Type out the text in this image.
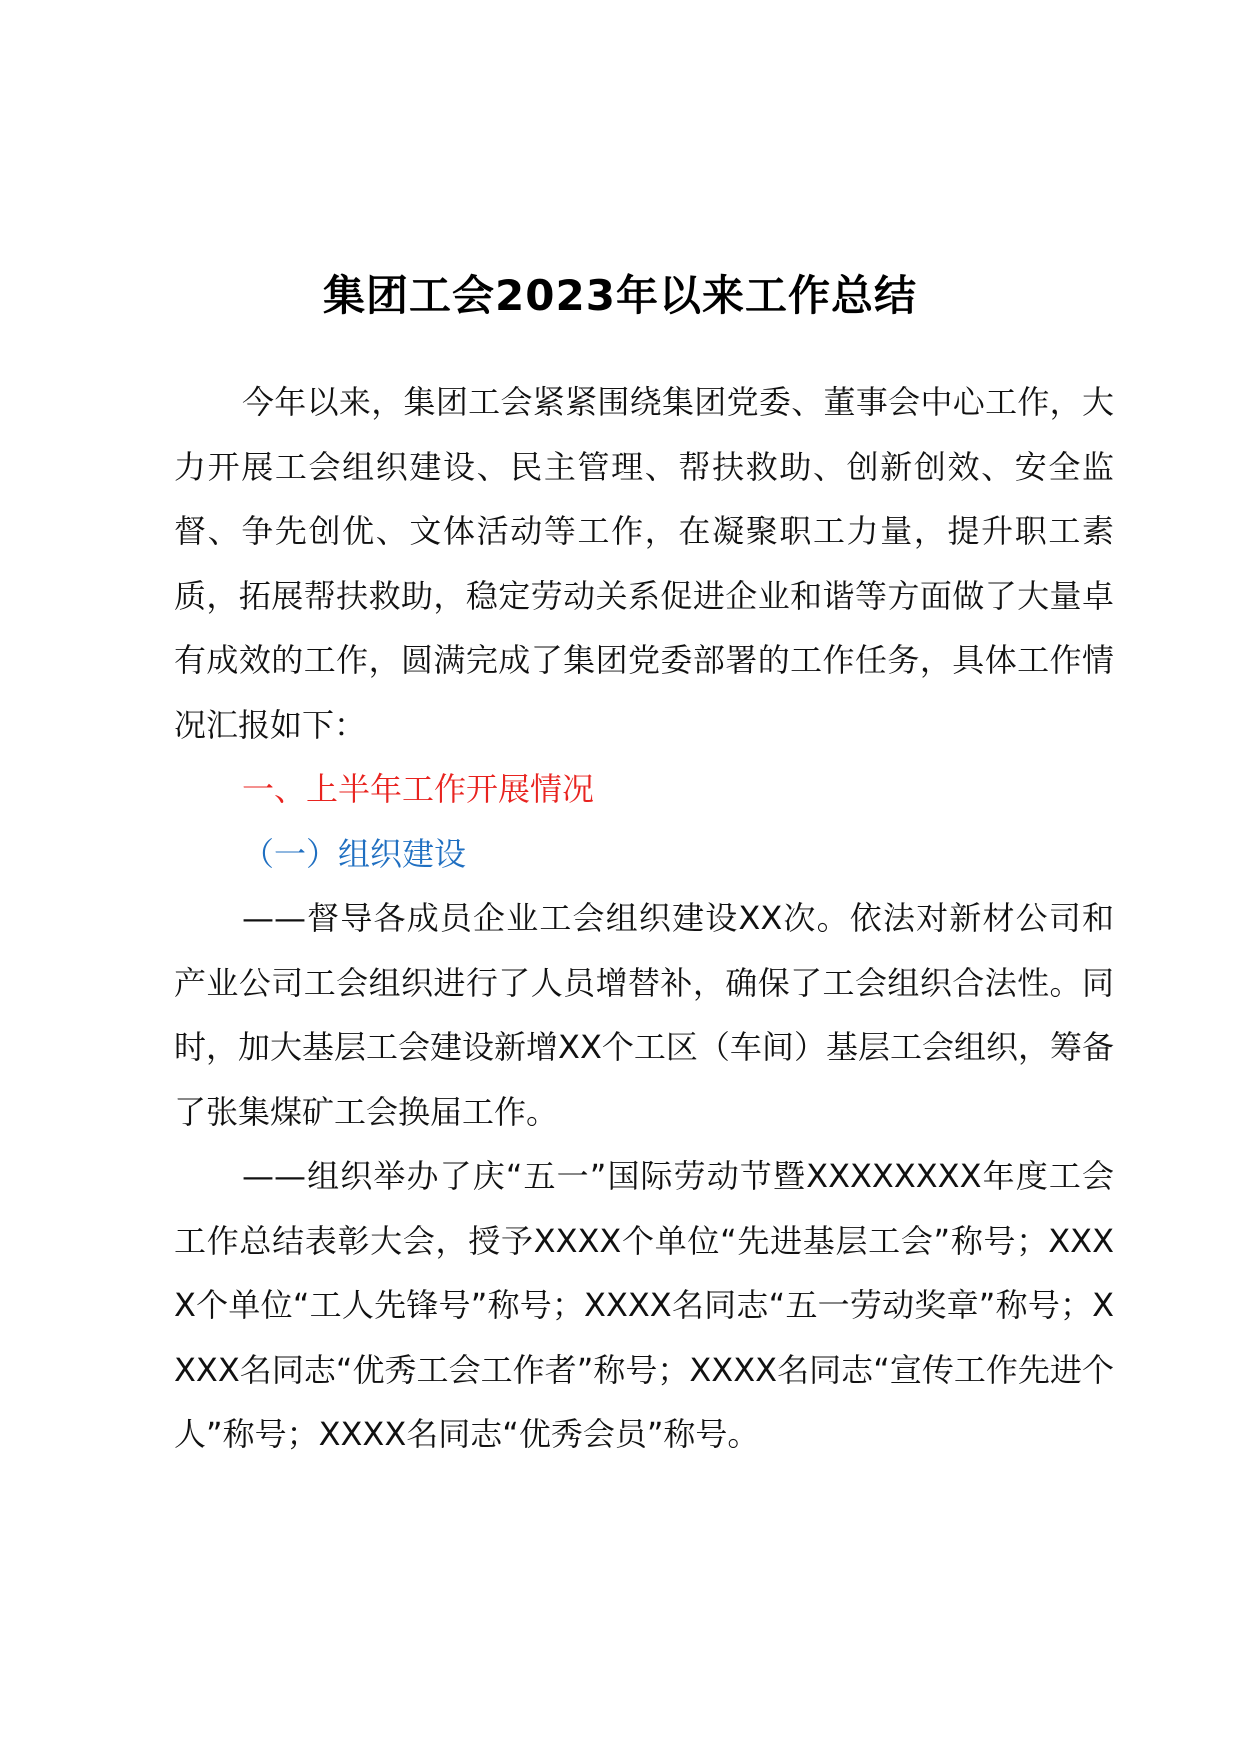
集团工会2023年以来工作总结

今年以来，集团工会紧紧围绕集团党委、董事会中心工作，大力开展工会组织建设、民主管理、帮扶救助、创新创效、安全监督、争先创优、文体活动等工作，在凝聚职工力量，提升职工素质，拓展帮扶救助，稳定劳动关系促进企业和谐等方面做了大量卓有成效的工作，圆满完成了集团党委部署的工作任务，具体工作情况汇报如下：

一、上半年工作开展情况

（一）组织建设

——督导各成员企业工会组织建设XX次。依法对新材公司和产业公司工会组织进行了人员增替补，确保了工会组织合法性。同时，加大基层工会建设新增XX个工区（车间）基层工会组织，筹备了张集煤矿工会换届工作。

——组织举办了庆“五一”国际劳动节暨XXXXXXXX年度工会工作总结表彰大会，授予XXXX个单位“先进基层工会”称号；XXXX个单位“工人先锋号”称号；XXXX名同志“五一劳动奖章”称号；XXXX名同志“优秀工会工作者”称号；XXXX名同志“宣传工作先进个人”称号；XXXX名同志“优秀会员”称号。
